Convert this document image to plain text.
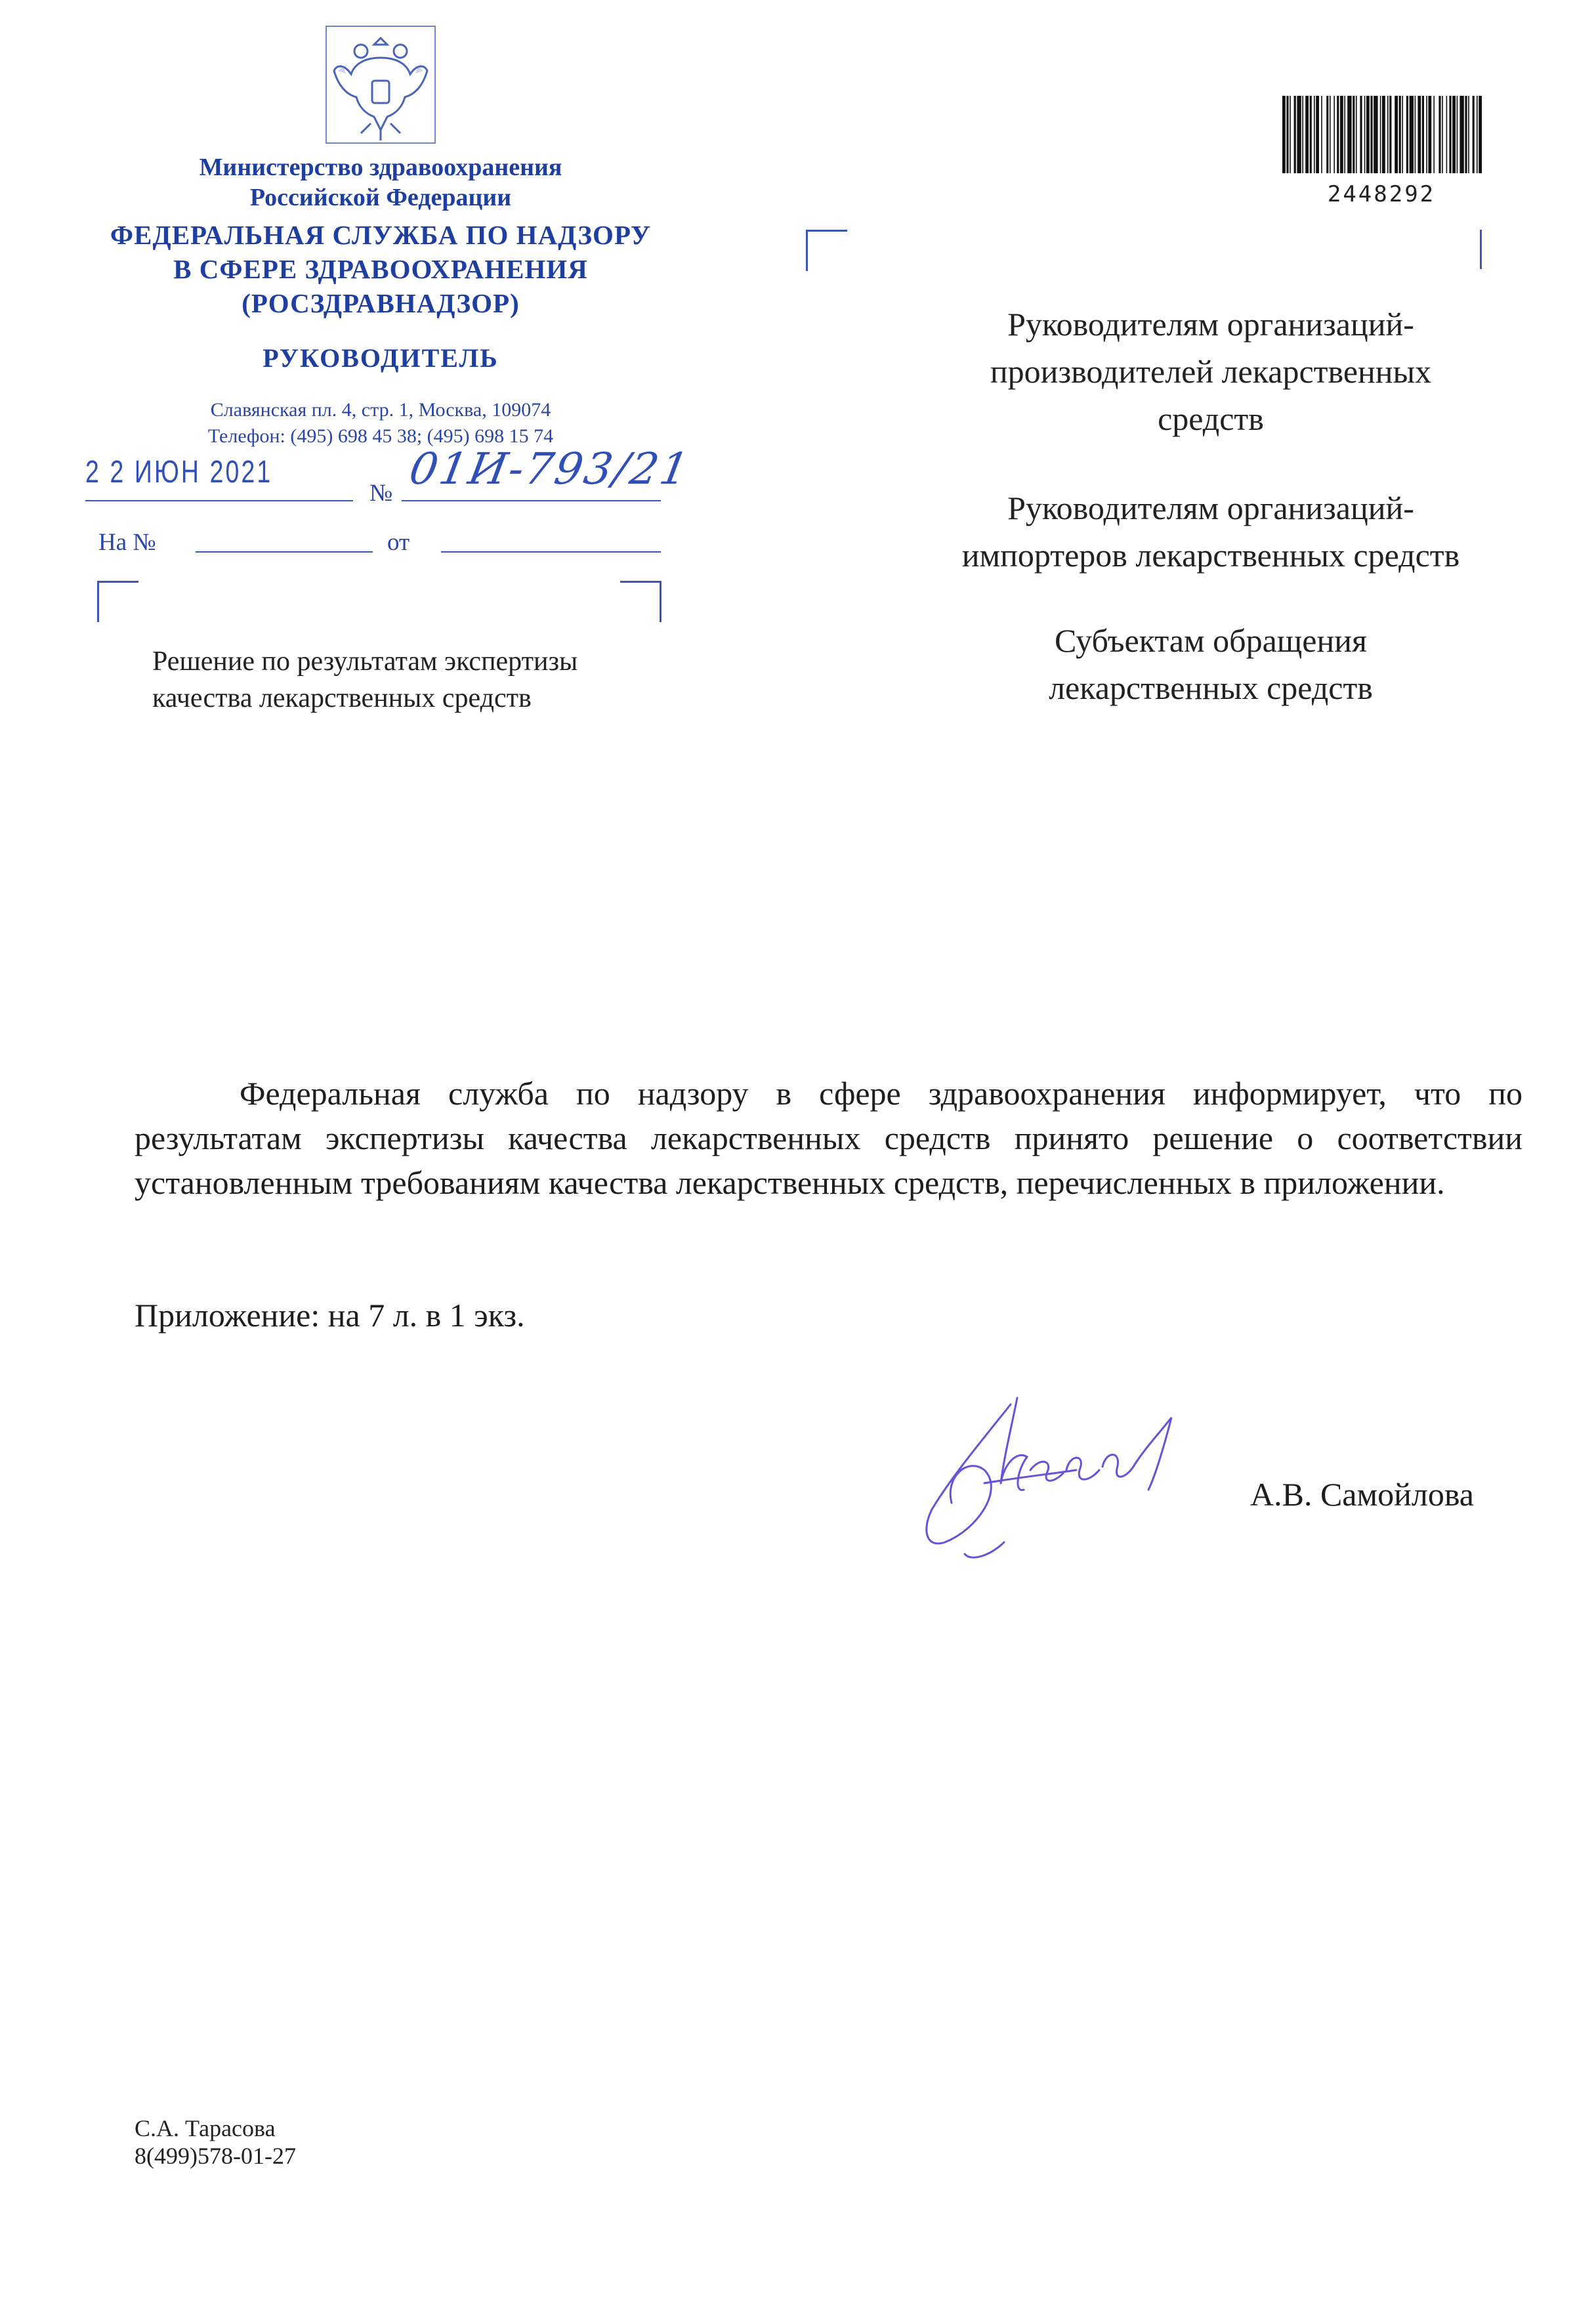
Министерство здравоохранения
Российской Федерации
ФЕДЕРАЛЬНАЯ СЛУЖБА ПО НАДЗОРУ
В СФЕРЕ ЗДРАВООХРАНЕНИЯ
(РОСЗДРАВНАДЗОР)
РУКОВОДИТЕЛЬ
Славянская пл. 4, стр. 1, Москва, 109074
Телефон: (495) 698 45 38; (495) 698 15 74
2 2 ИЮН 2021
№ 01И-793/21
На №	от
Решение по результатам экспертизы
качества лекарственных средств
2448292
Руководителям организаций-
производителей лекарственных
средств
Руководителям организаций-
импортеров лекарственных средств
Субъектам обращения
лекарственных средств
Федеральная служба по надзору в сфере здравоохранения информирует, что по результатам экспертизы качества лекарственных средств принято решение о соответствии установленным требованиям качества лекарственных средств, перечисленных в приложении.
Приложение: на 7 л. в 1 экз.
А.В. Самойлова
С.А. Тарасова
8(499)578-01-27
